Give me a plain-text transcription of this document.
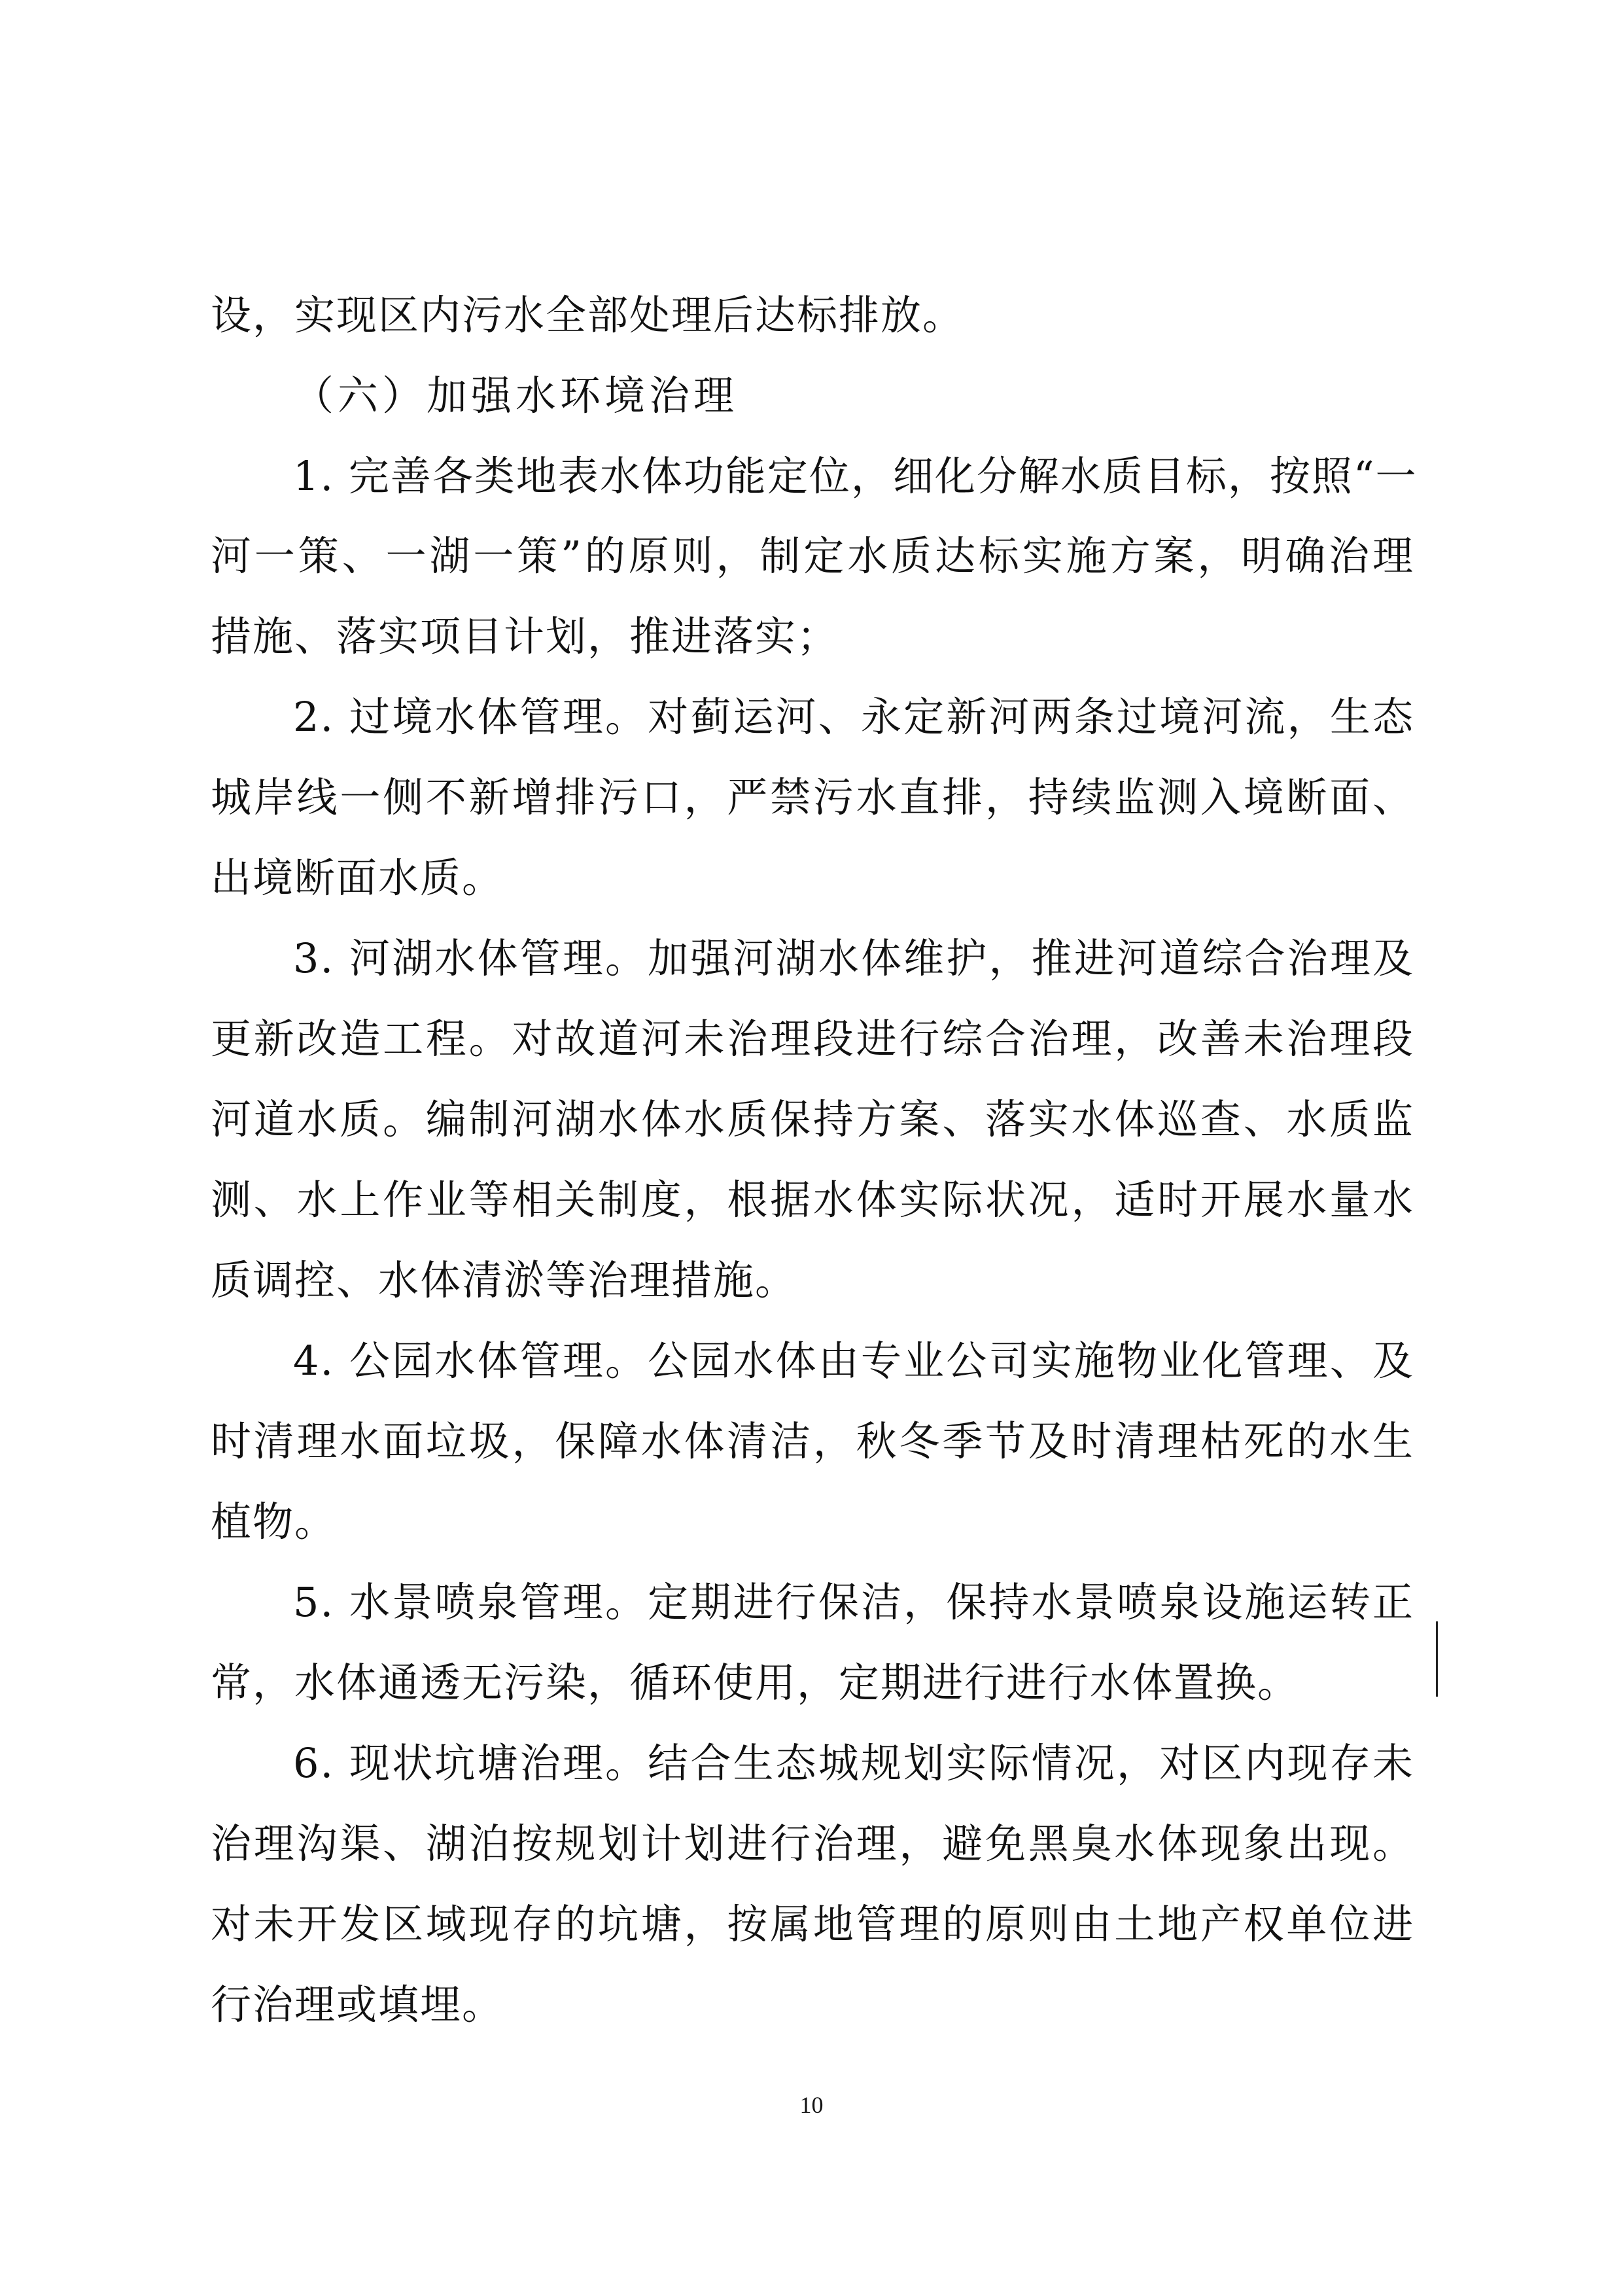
设，实现区内污水全部处理后达标排放。
（六）加强水环境治理
1. 完善各类地表水体功能定位，细化分解水质目标，按照“一
河一策、一湖一策”的原则，制定水质达标实施方案，明确治理
措施、落实项目计划，推进落实；
2. 过境水体管理。对蓟运河、永定新河两条过境河流，生态
城岸线一侧不新增排污口，严禁污水直排，持续监测入境断面、
出境断面水质。
3. 河湖水体管理。加强河湖水体维护，推进河道综合治理及
更新改造工程。对故道河未治理段进行综合治理，改善未治理段
河道水质。编制河湖水体水质保持方案、落实水体巡查、水质监
测、水上作业等相关制度，根据水体实际状况，适时开展水量水
质调控、水体清淤等治理措施。
4. 公园水体管理。公园水体由专业公司实施物业化管理、及
时清理水面垃圾，保障水体清洁，秋冬季节及时清理枯死的水生
植物。
5. 水景喷泉管理。定期进行保洁，保持水景喷泉设施运转正
常，水体通透无污染，循环使用，定期进行进行水体置换。
6. 现状坑塘治理。结合生态城规划实际情况，对区内现存未
治理沟渠、湖泊按规划计划进行治理，避免黑臭水体现象出现。
对未开发区域现存的坑塘，按属地管理的原则由土地产权单位进
行治理或填埋。
10
